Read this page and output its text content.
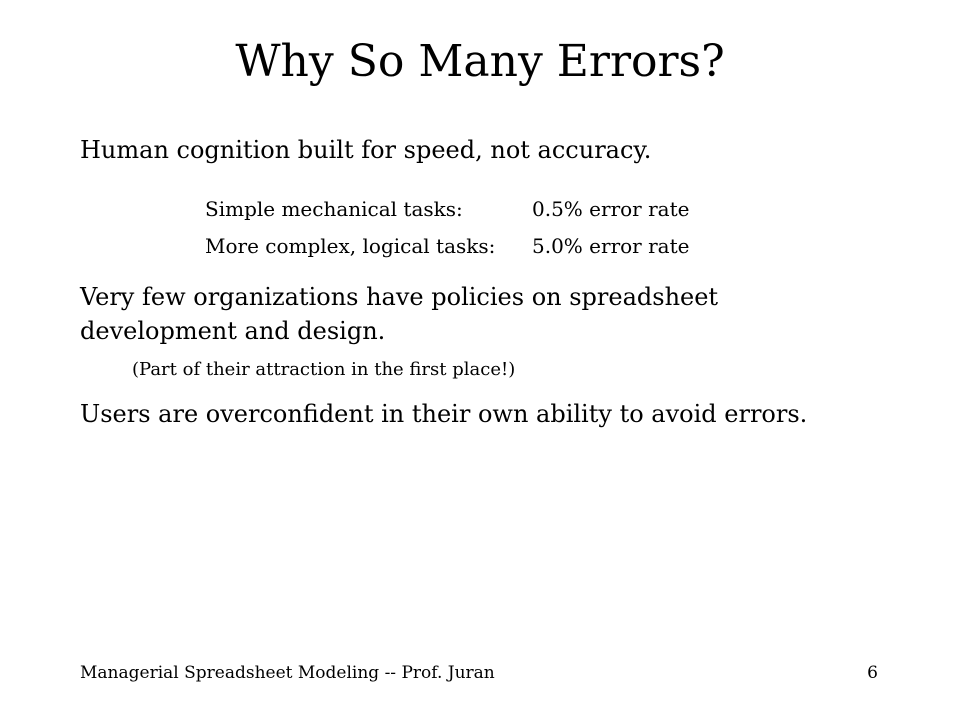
Why So Many Errors?
Human cognition built for speed, not accuracy.
Simple mechanical tasks:	0.5% error rate
More complex, logical tasks:	5.0% error rate
Very few organizations have policies on spreadsheet development and design.
(Part of their attraction in the first place!)
Users are overconfident in their own ability to avoid errors.
Managerial Spreadsheet Modeling -- Prof. Juran	6
